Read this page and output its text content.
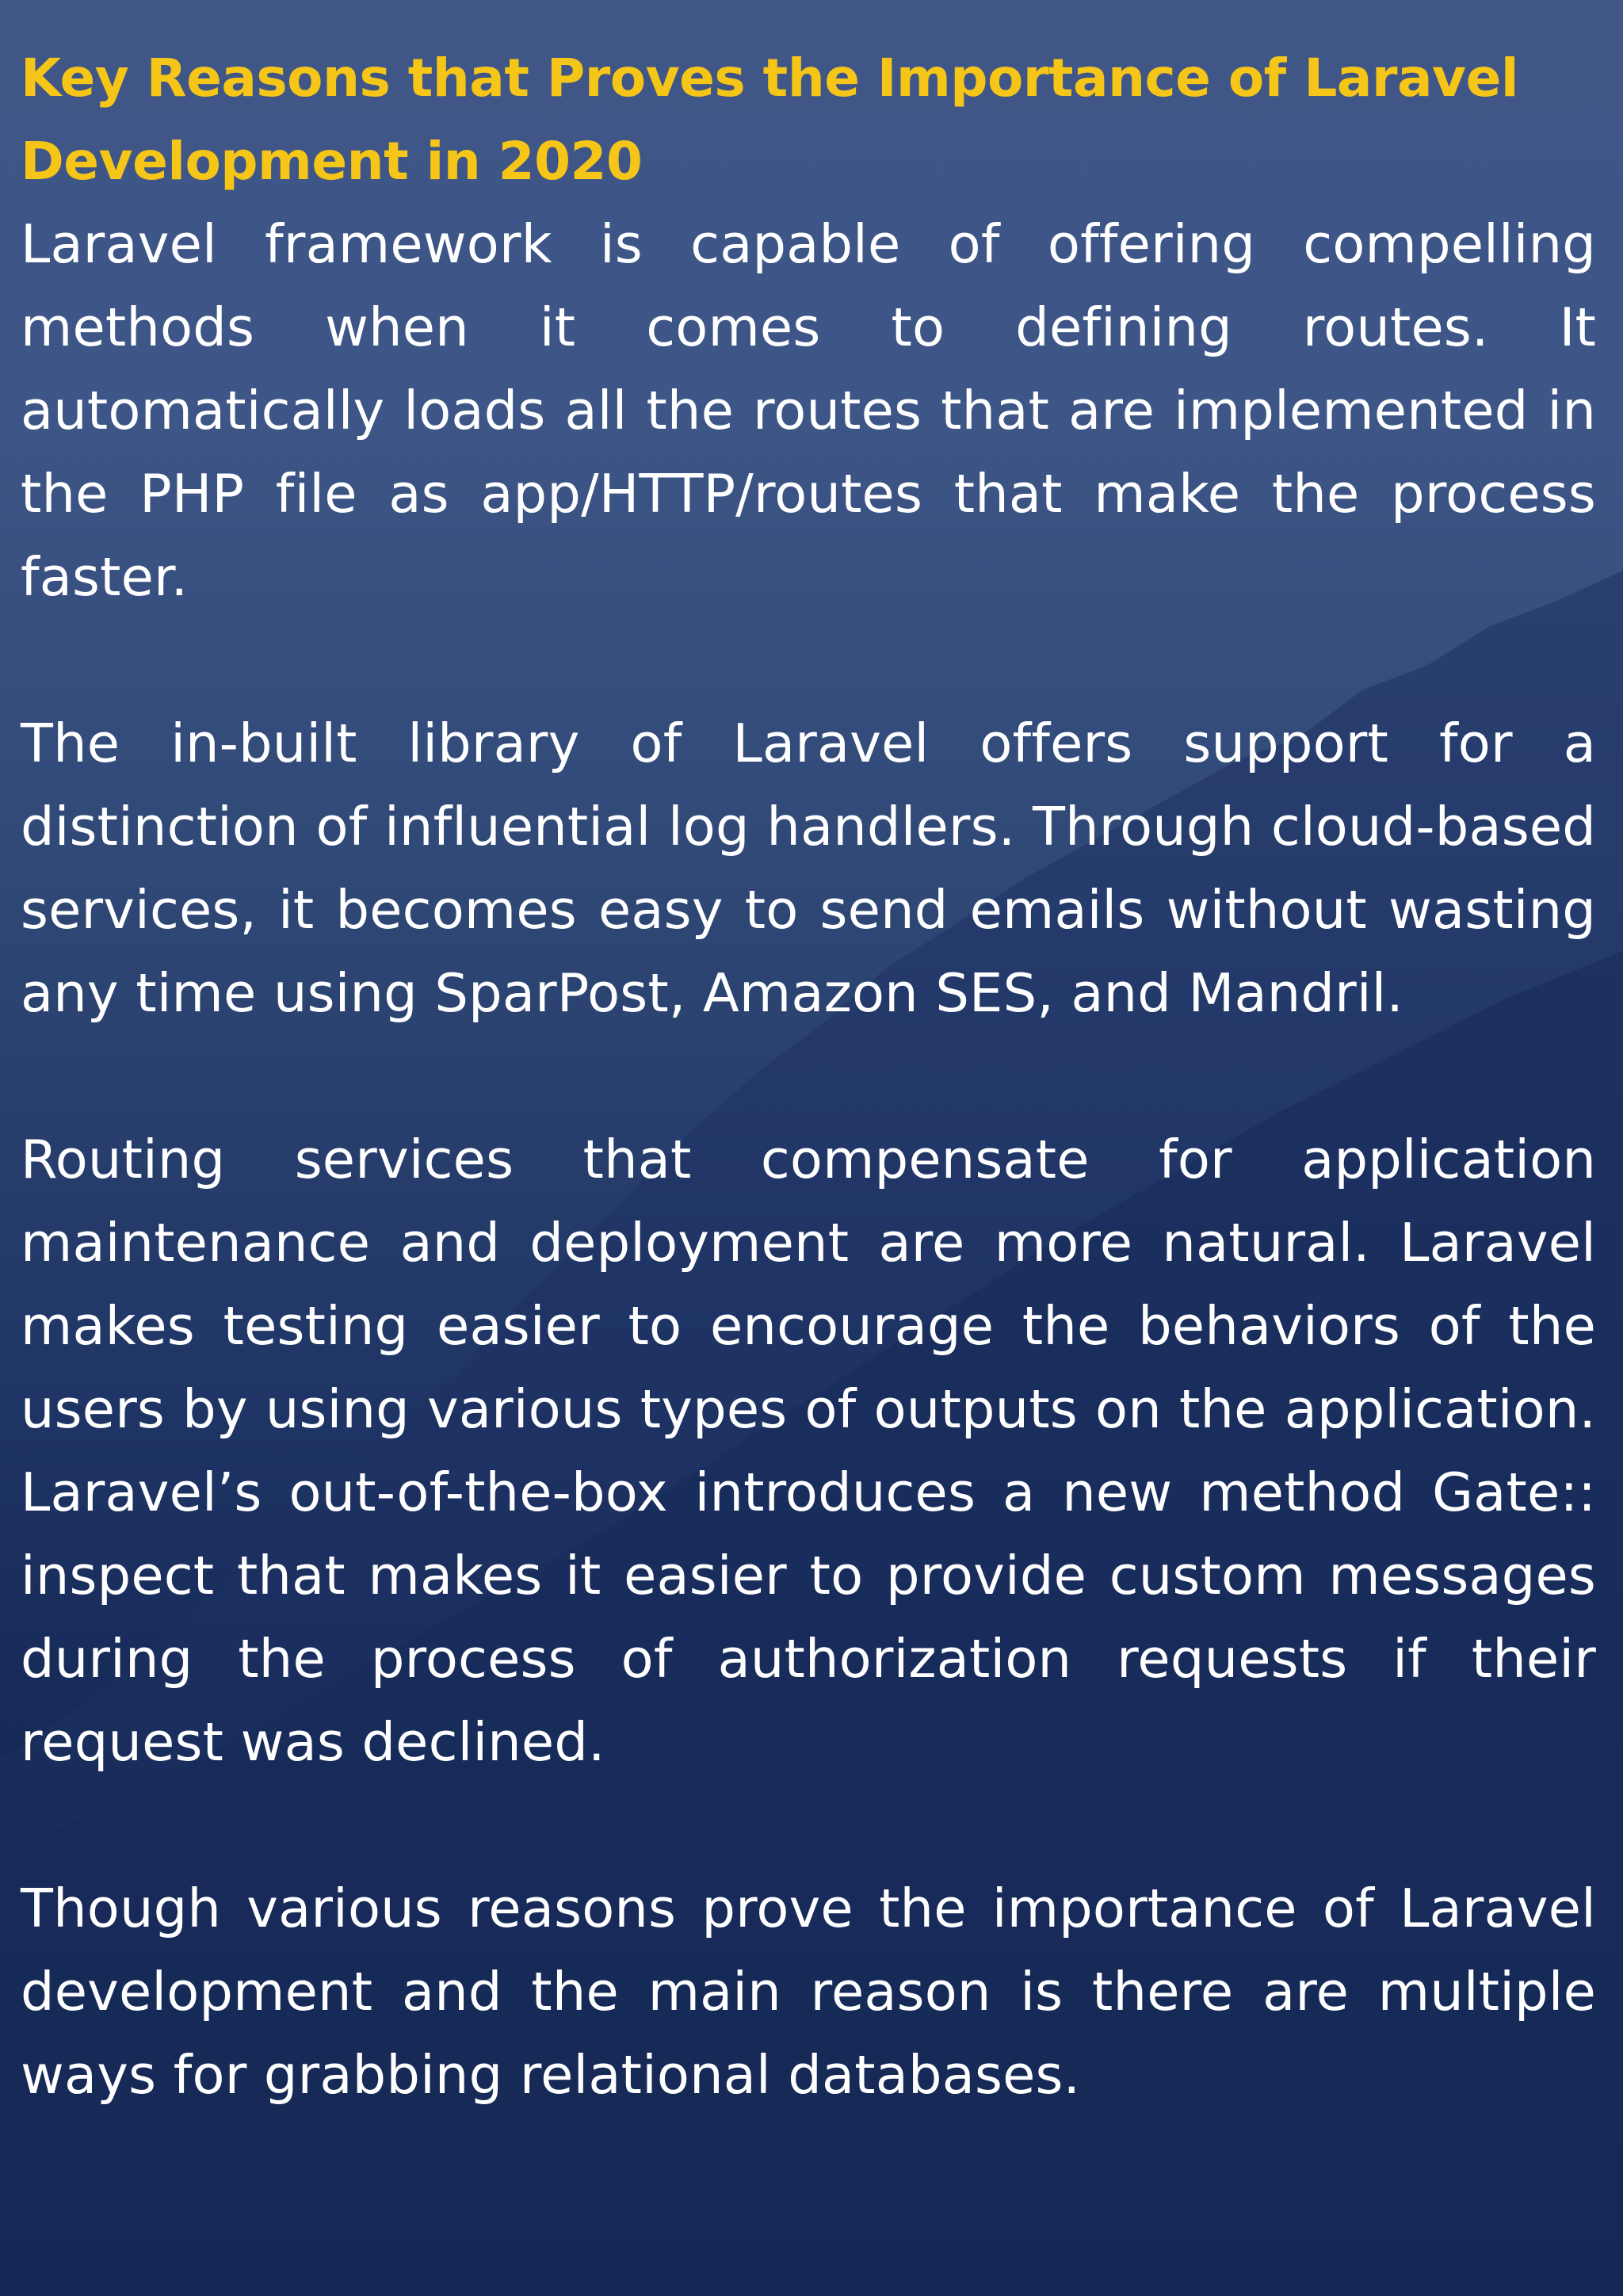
Key Reasons that Proves the Importance of Laravel Development in 2020

Laravel framework is capable of offering compelling methods when it comes to defining routes. It automatically loads all the routes that are implemented in the PHP file as app/HTTP/routes that make the process faster.

The in-built library of Laravel offers support for a distinction of influential log handlers. Through cloud-based services, it becomes easy to send emails without wasting any time using SparPost, Amazon SES, and Mandril.

Routing services that compensate for application maintenance and deployment are more natural. Laravel makes testing easier to encourage the behaviors of the users by using various types of outputs on the application. Laravel’s out-of-the-box introduces a new method Gate:: inspect that makes it easier to provide custom messages during the process of authorization requests if their request was declined.

Though various reasons prove the importance of Laravel development and the main reason is there are multiple ways for grabbing relational databases.
